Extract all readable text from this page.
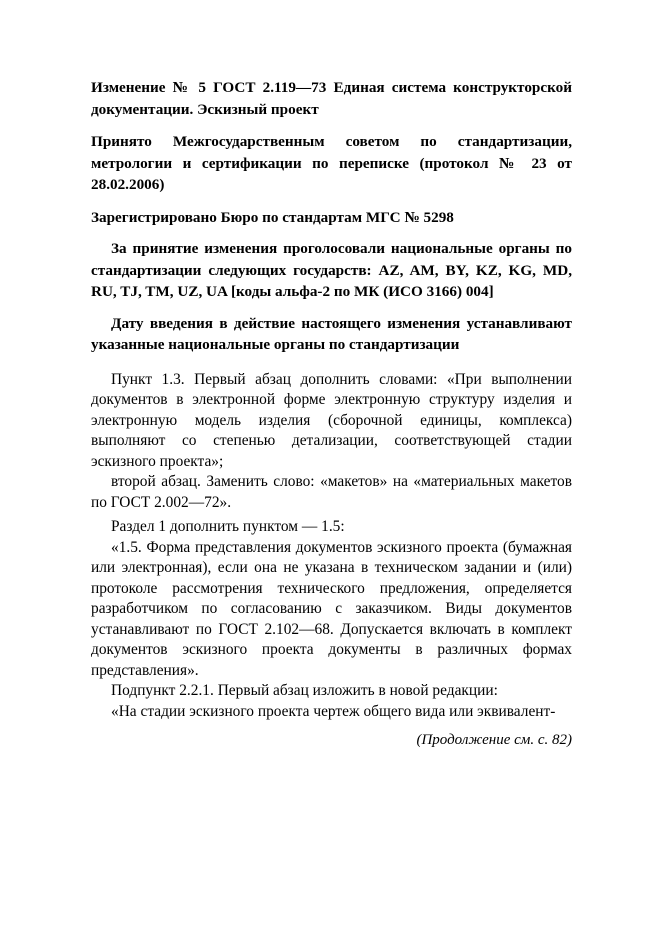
Изменение № 5 ГОСТ 2.119—73 Единая система конструкторской документации. Эскизный проект

Принято Межгосударственным советом по стандартизации, метрологии и сертификации по переписке (протокол № 23 от 28.02.2006)

Зарегистрировано Бюро по стандартам МГС № 5298

За принятие изменения проголосовали национальные органы по стандартизации следующих государств: AZ, AM, BY, KZ, KG, MD, RU, TJ, TM, UZ, UA [коды альфа-2 по МК (ИСО 3166) 004]

Дату введения в действие настоящего изменения устанавливают указанные национальные органы по стандартизации

Пункт 1.3. Первый абзац дополнить словами: «При выполнении документов в электронной форме электронную структуру изделия и электронную модель изделия (сборочной единицы, комплекса) выполняют со степенью детализации, соответствующей стадии эскизного проекта»;

второй абзац. Заменить слово: «макетов» на «материальных макетов по ГОСТ 2.002—72».

Раздел 1 дополнить пунктом — 1.5:

«1.5. Форма представления документов эскизного проекта (бумажная или электронная), если она не указана в техническом задании и (или) протоколе рассмотрения технического предложения, определяется разработчиком по согласованию с заказчиком. Виды документов устанавливают по ГОСТ 2.102—68. Допускается включать в комплект документов эскизного проекта документы в различных формах представления».

Подпункт 2.2.1. Первый абзац изложить в новой редакции:

«На стадии эскизного проекта чертеж общего вида или эквивалент-

(Продолжение см. с. 82)
